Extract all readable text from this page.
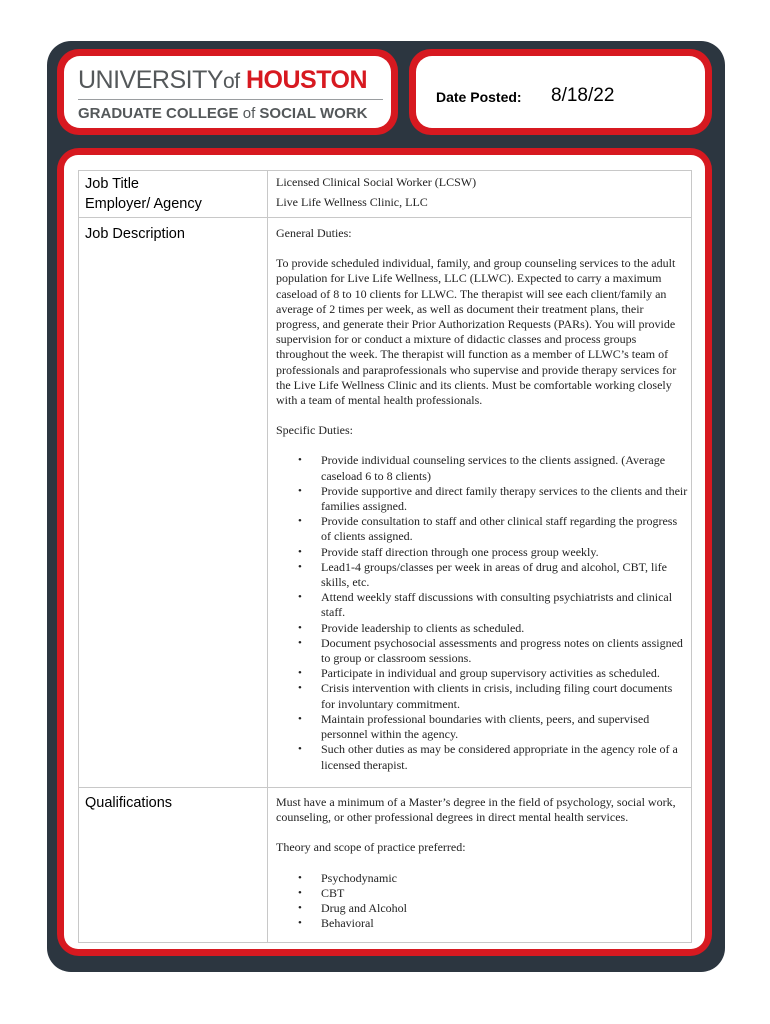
UNIVERSITYof HOUSTON
GRADUATE COLLEGE of SOCIAL WORK
Date Posted: 8/18/22
Job Title
Employer/ Agency
Licensed Clinical Social Worker (LCSW)
Live Life Wellness Clinic, LLC
Job Description	General Duties:

To provide scheduled individual, family, and group counseling services to the adult population for Live Life Wellness, LLC (LLWC). Expected to carry a maximum caseload of 8 to 10 clients for LLWC. The therapist will see each client/family an average of 2 times per week, as well as document their treatment plans, their progress, and generate their Prior Authorization Requests (PARs). You will provide supervision for or conduct a mixture of didactic classes and process groups throughout the week. The therapist will function as a member of LLWC’s team of professionals and paraprofessionals who supervise and provide therapy services for the Live Life Wellness Clinic and its clients. Must be comfortable working closely with a team of mental health professionals.

Specific Duties:

• Provide individual counseling services to the clients assigned. (Average caseload 6 to 8 clients)
• Provide supportive and direct family therapy services to the clients and their families assigned.
• Provide consultation to staff and other clinical staff regarding the progress of clients assigned.
• Provide staff direction through one process group weekly.
• Lead1-4 groups/classes per week in areas of drug and alcohol, CBT, life skills, etc.
• Attend weekly staff discussions with consulting psychiatrists and clinical staff.
• Provide leadership to clients as scheduled.
• Document psychosocial assessments and progress notes on clients assigned to group or classroom sessions.
• Participate in individual and group supervisory activities as scheduled.
• Crisis intervention with clients in crisis, including filing court documents for involuntary commitment.
• Maintain professional boundaries with clients, peers, and supervised personnel within the agency.
• Such other duties as may be considered appropriate in the agency role of a licensed therapist.
Qualifications	Must have a minimum of a Master’s degree in the field of psychology, social work, counseling, or other professional degrees in direct mental health services.

Theory and scope of practice preferred:

• Psychodynamic
• CBT
• Drug and Alcohol
• Behavioral
